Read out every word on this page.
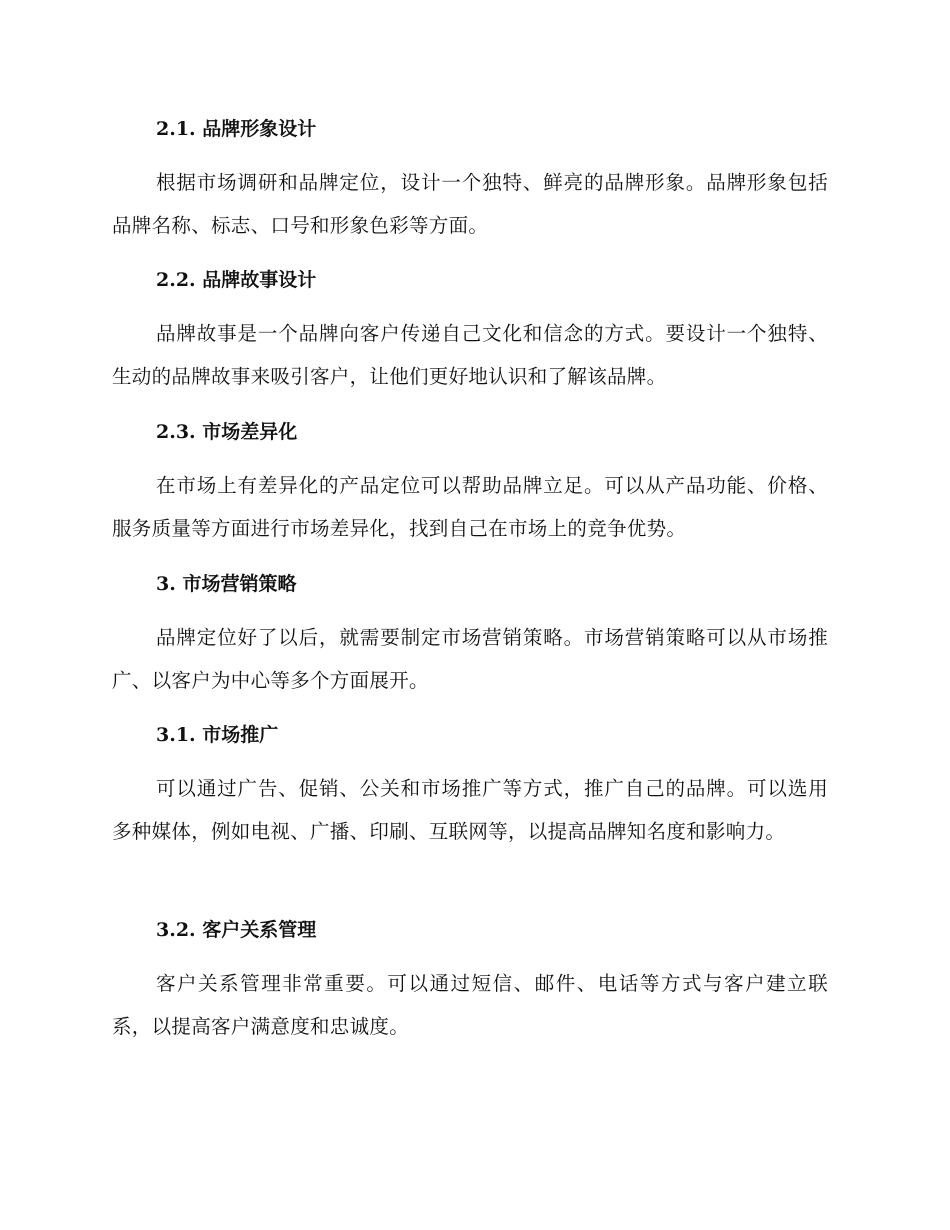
2.1. 品牌形象设计

根据市场调研和品牌定位，设计一个独特、鲜亮的品牌形象。品牌形象包括品牌名称、标志、口号和形象色彩等方面。

2.2. 品牌故事设计

品牌故事是一个品牌向客户传递自己文化和信念的方式。要设计一个独特、生动的品牌故事来吸引客户，让他们更好地认识和了解该品牌。

2.3. 市场差异化

在市场上有差异化的产品定位可以帮助品牌立足。可以从产品功能、价格、服务质量等方面进行市场差异化，找到自己在市场上的竞争优势。

3. 市场营销策略

品牌定位好了以后，就需要制定市场营销策略。市场营销策略可以从市场推广、以客户为中心等多个方面展开。

3.1. 市场推广

可以通过广告、促销、公关和市场推广等方式，推广自己的品牌。可以选用多种媒体，例如电视、广播、印刷、互联网等，以提高品牌知名度和影响力。

3.2. 客户关系管理

客户关系管理非常重要。可以通过短信、邮件、电话等方式与客户建立联系，以提高客户满意度和忠诚度。
